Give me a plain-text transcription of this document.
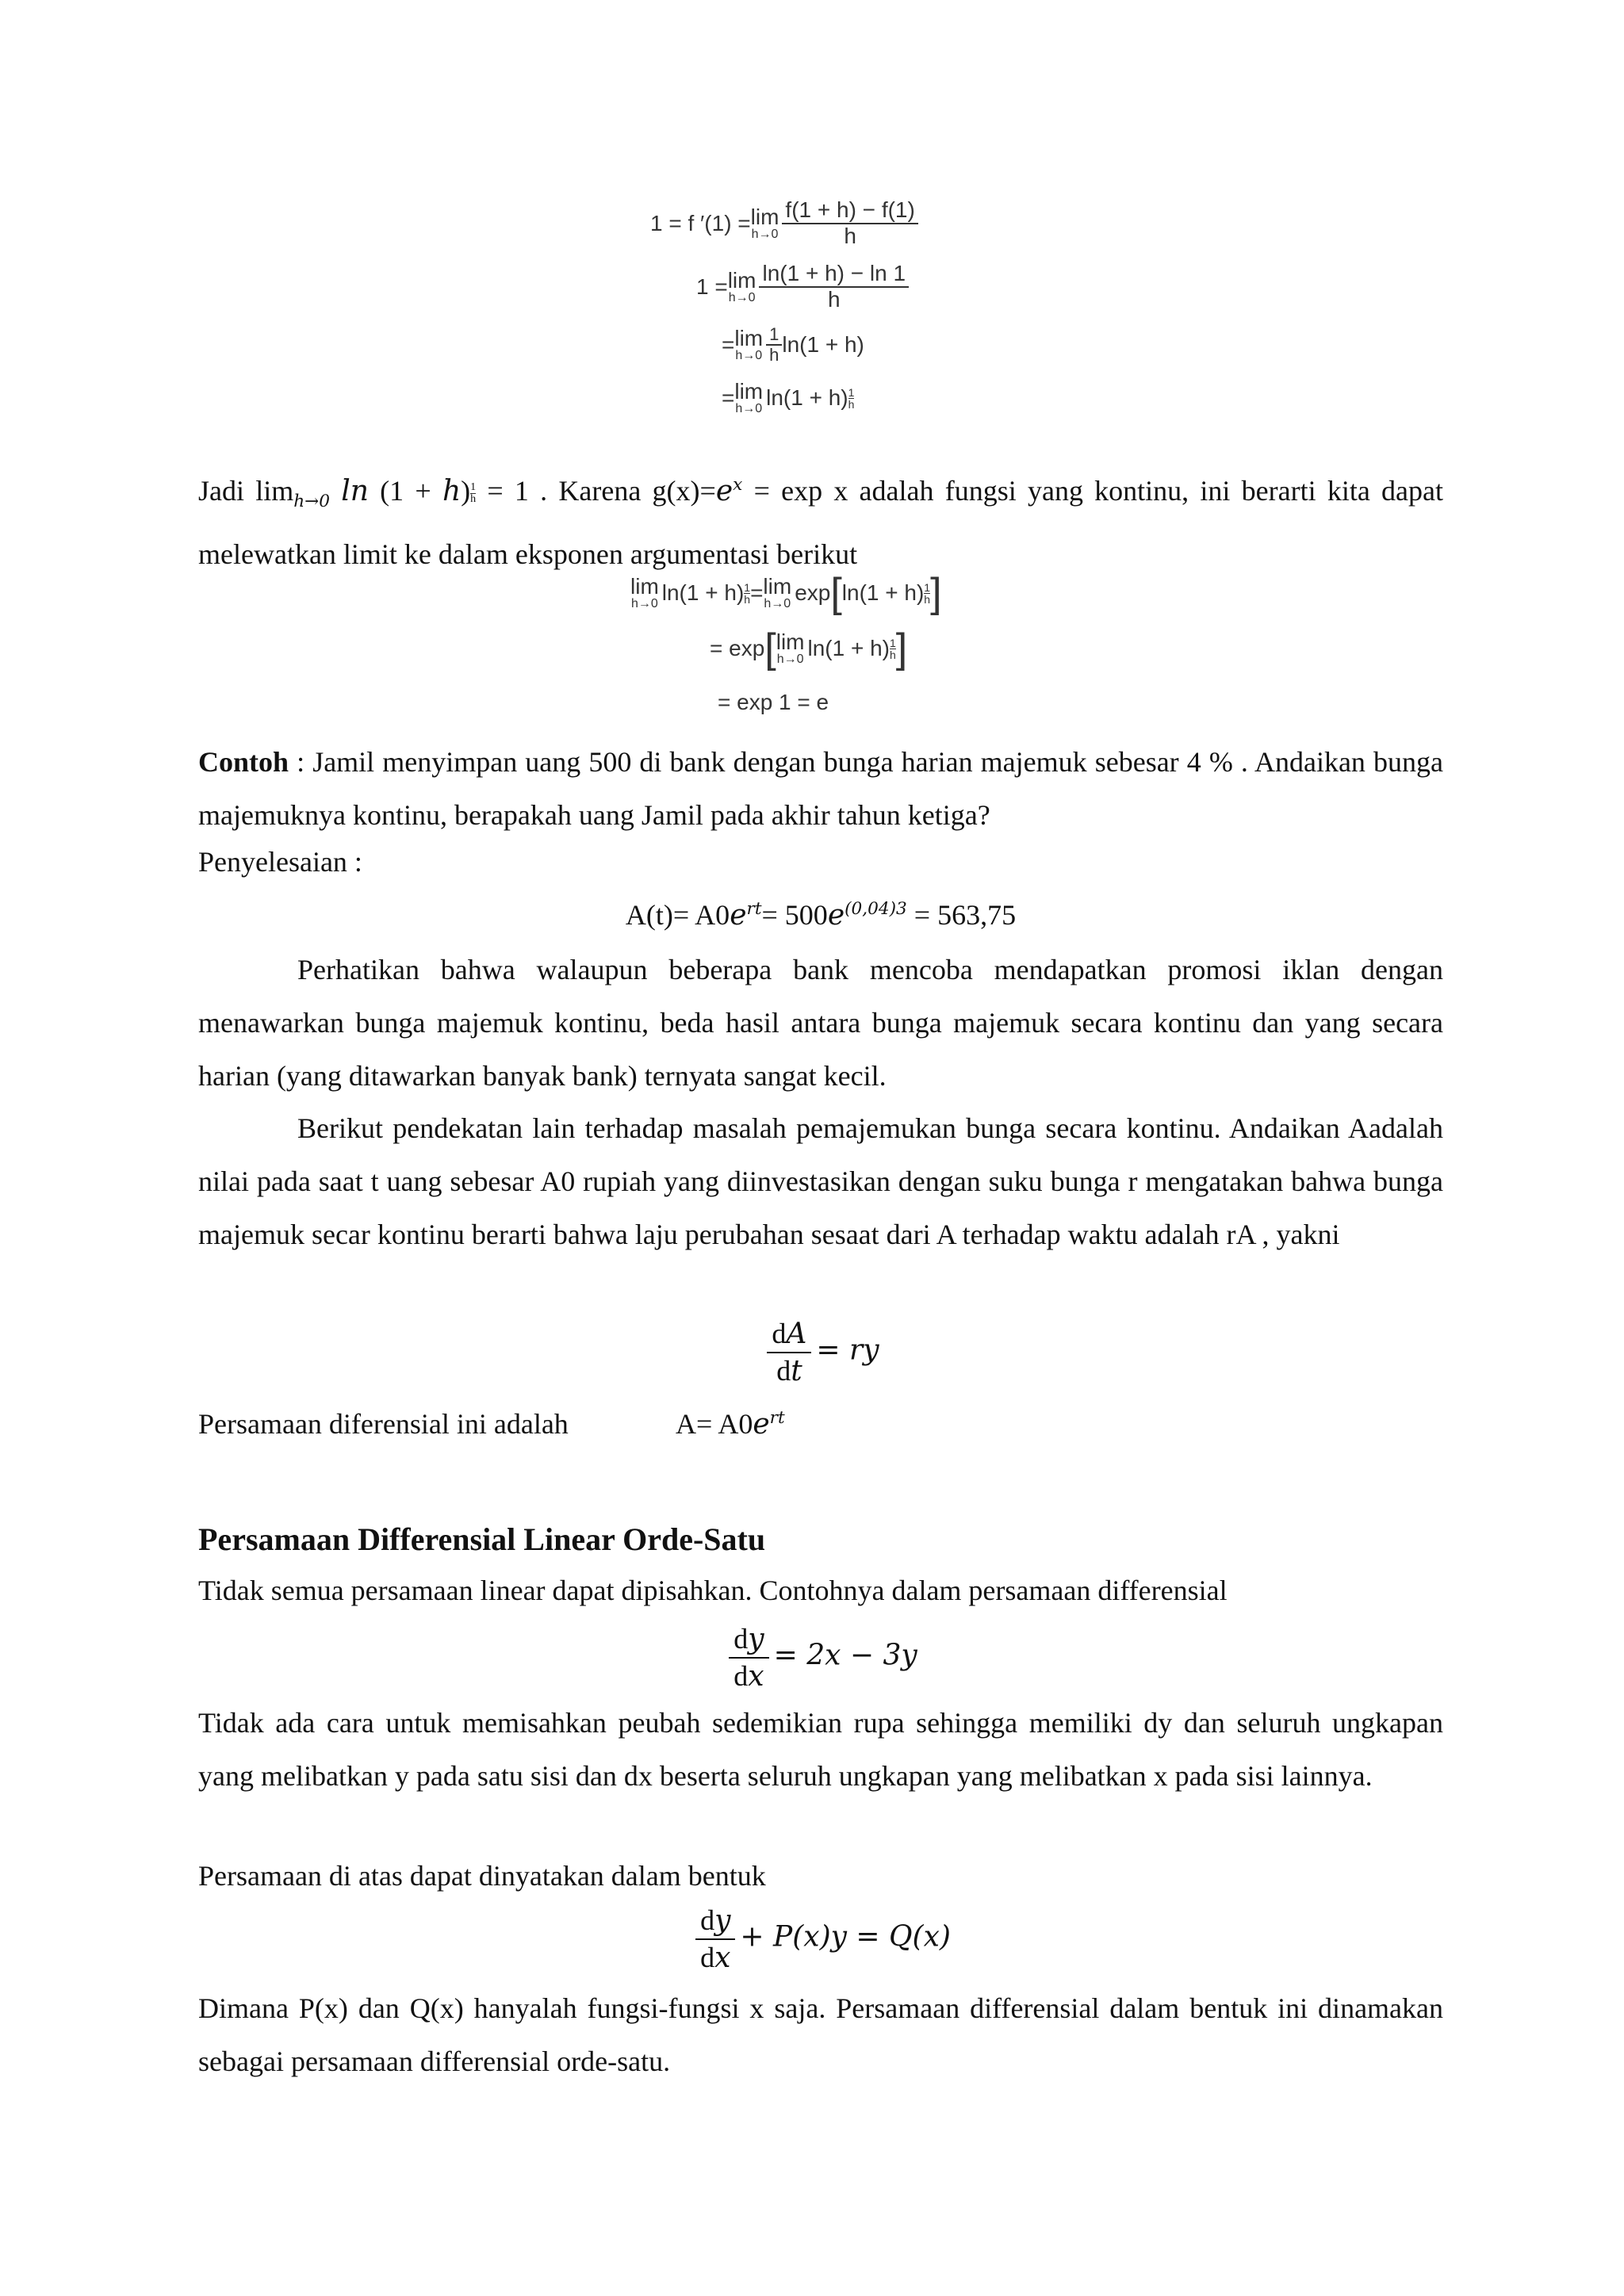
1 = f ′(1) = lim
$h\to 0 \frac{f(1 + h) - f(1)}{h}$
1 = lim
$h\to 0 \frac{\ln(1 + h) - \ln 1}{h}$
= lim
$h\to 0 \frac{1}{h} \ln(1 + h)$
= lim
h→0 ln(1 + h) 1
h
Jadi $\lim_{h\to 0} \ln (1 + h) \frac{1}{h} = 1$ . Karena $g(x)=e^x = \exp x$ adalah fungsi yang kontinu, ini berarti kita dapat melewatkan limit ke dalam eksponen argumentasi berikut
lim
h→0 $\ln(1 + h) \frac{1}{h} = \lim$
h→0 exp [ ln(1 + h) 1
h ]
= exp [ lim
h→0 ln(1 + h) 1
h ]
= exp 1 = e
Contoh : Jamil menyimpan uang 500 di bank dengan bunga harian majemuk sebesar 4 % . Andaikan bunga majemuknya kontinu, berapakah uang Jamil pada akhir tahun ketiga?
Penyelesaian :
$A(t)= A0e^{rt}= 500e^{(0,04)3} = 563,75$
Perhatikan bahwa walaupun beberapa bank mencoba mendapatkan promosi iklan dengan menawarkan bunga majemuk kontinu, beda hasil antara bunga majemuk secara kontinu dan yang secara harian (yang ditawarkan banyak bank) ternyata sangat kecil.
Berikut pendekatan lain terhadap masalah pemajemukan bunga secara kontinu. Andaikan Aadalah nilai pada saat t uang sebesar A0 rupiah yang diinvestasikan dengan suku bunga r mengatakan bahwa bunga majemuk secar kontinu berarti bahwa laju perubahan sesaat dari A terhadap waktu adalah rA , yakni
$\frac{dA}{dt}$ = ry
Persamaan diferensial ini adalah	$A= A0e^{rt}$
Persamaan Differensial Linear Orde-Satu
Tidak semua persamaan linear dapat dipisahkan. Contohnya dalam persamaan differensial
$\frac{dy}{dx} = 2x - 3y$
Tidak ada cara untuk memisahkan peubah sedemikian rupa sehingga memiliki dy dan seluruh ungkapan yang melibatkan y pada satu sisi dan dx beserta seluruh ungkapan yang melibatkan x pada sisi lainnya.
Persamaan di atas dapat dinyatakan dalam bentuk
$\frac{dy}{dx} + P(x)y = Q(x)$
Dimana P(x) dan Q(x) hanyalah fungsi-fungsi x saja. Persamaan differensial dalam bentuk ini dinamakan sebagai persamaan differensial orde-satu.
